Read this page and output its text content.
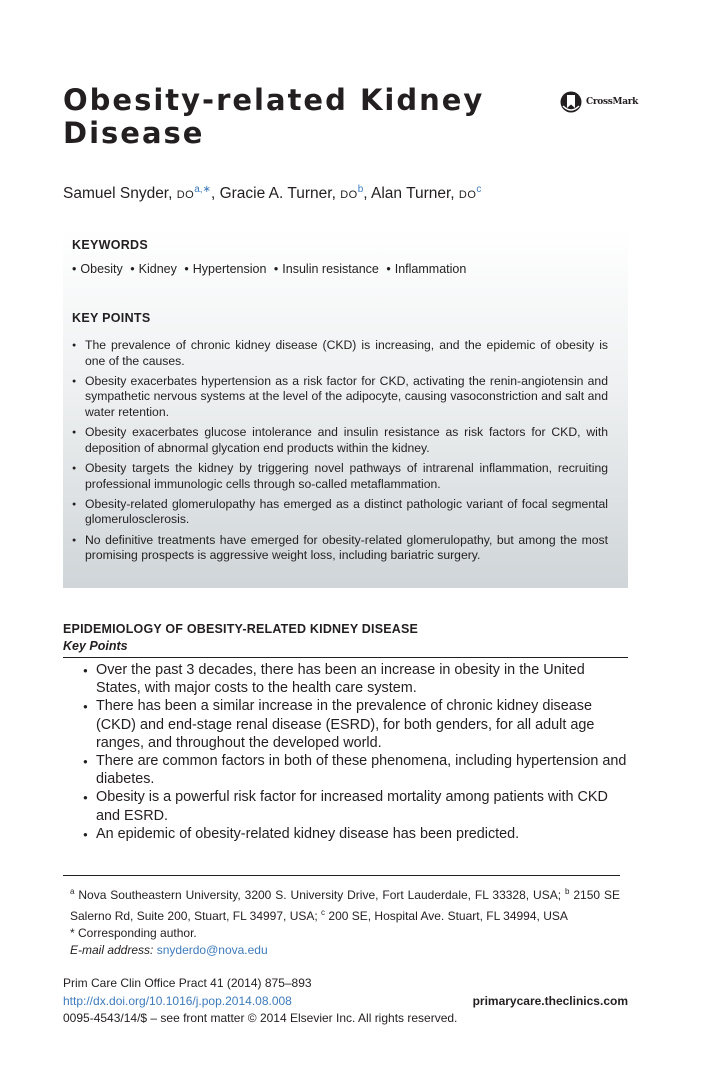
Obesity-related Kidney Disease
CrossMark
Samuel Snyder, $DO^{a,∗}$, Gracie A. Turner, $DO^b$, Alan Turner, $DO^c$
KEYWORDS
• Obesity • Kidney • Hypertension • Insulin resistance • Inflammation
KEY POINTS
● The prevalence of chronic kidney disease (CKD) is increasing, and the epidemic of obesity is one of the causes.
● Obesity exacerbates hypertension as a risk factor for CKD, activating the renin-angiotensin and sympathetic nervous systems at the level of the adipocyte, causing vasoconstriction and salt and water retention.
● Obesity exacerbates glucose intolerance and insulin resistance as risk factors for CKD, with deposition of abnormal glycation end products within the kidney.
● Obesity targets the kidney by triggering novel pathways of intrarenal inflammation, recruiting professional immunologic cells through so-called metaflammation.
● Obesity-related glomerulopathy has emerged as a distinct pathologic variant of focal segmental glomerulosclerosis.
● No definitive treatments have emerged for obesity-related glomerulopathy, but among the most promising prospects is aggressive weight loss, including bariatric surgery.
EPIDEMIOLOGY OF OBESITY-RELATED KIDNEY DISEASE
Key Points
● Over the past 3 decades, there has been an increase in obesity in the United States, with major costs to the health care system.
● There has been a similar increase in the prevalence of chronic kidney disease (CKD) and end-stage renal disease (ESRD), for both genders, for all adult age ranges, and throughout the developed world.
● There are common factors in both of these phenomena, including hypertension and diabetes.
● Obesity is a powerful risk factor for increased mortality among patients with CKD and ESRD.
● An epidemic of obesity-related kidney disease has been predicted.

$^a$ Nova Southeastern University, 3200 S. University Drive, Fort Lauderdale, FL 33328, USA; $^b$ 2150 SE Salerno Rd, Suite 200, Stuart, FL 34997, USA; $^c$ 200 SE, Hospital Ave. Stuart, FL 34994, USA

* Corresponding author.

E-mail address: snyderdo@nova.edu

Prim Care Clin Office Pract 41 (2014) 875–893
http://dx.doi.org/10.1016/j.pop.2014.08.008	primarycare.theclinics.com
0095-4543/14/$ – see front matter © 2014 Elsevier Inc. All rights reserved.
